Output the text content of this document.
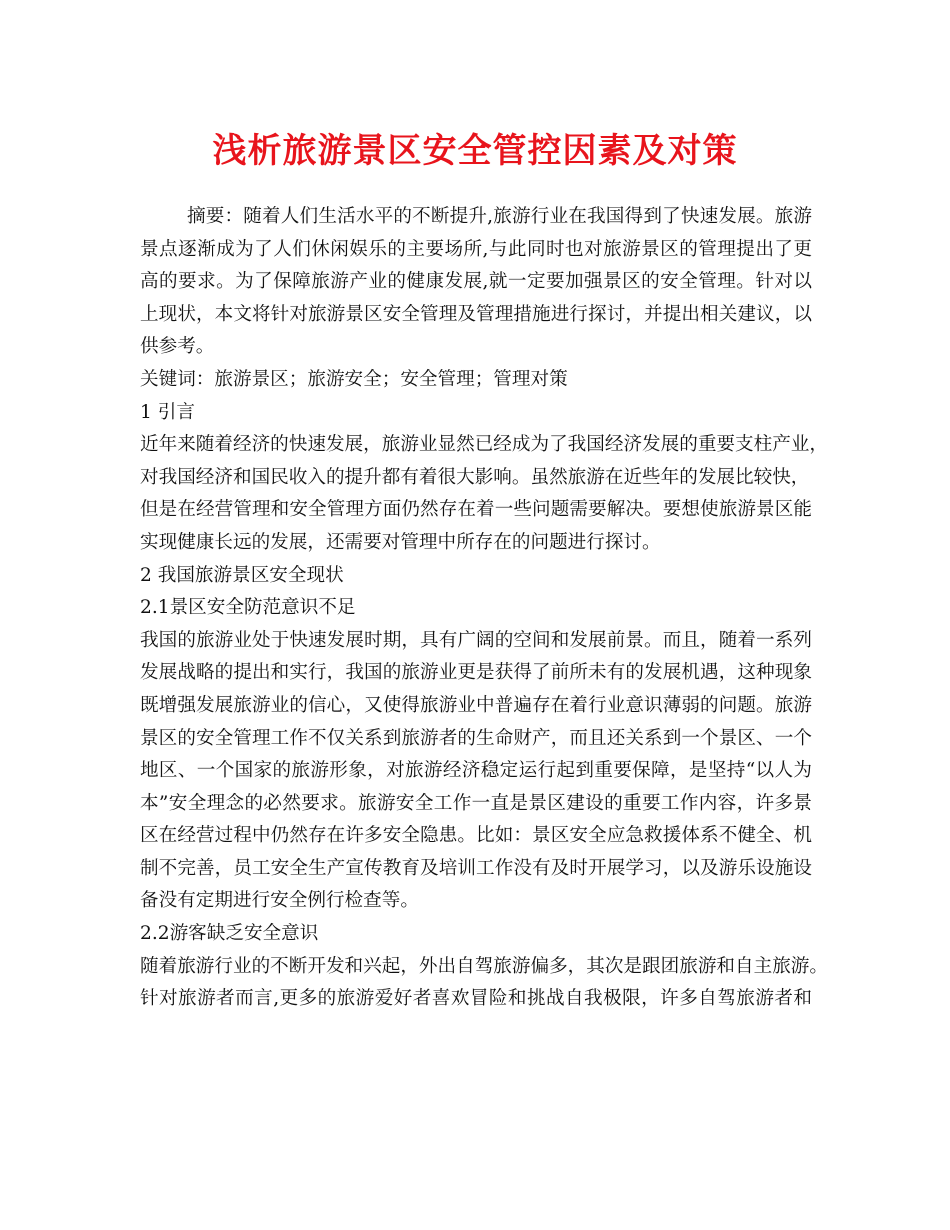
浅析旅游景区安全管控因素及对策
摘要：随着人们生活水平的不断提升,旅游行业在我国得到了快速发展。旅游
景点逐渐成为了人们休闲娱乐的主要场所,与此同时也对旅游景区的管理提出了更
高的要求。为了保障旅游产业的健康发展,就一定要加强景区的安全管理。针对以
上现状，本文将针对旅游景区安全管理及管理措施进行探讨，并提出相关建议，以
供参考。
关键词：旅游景区；旅游安全；安全管理；管理对策
1 引言
近年来随着经济的快速发展，旅游业显然已经成为了我国经济发展的重要支柱产业，
对我国经济和国民收入的提升都有着很大影响。虽然旅游在近些年的发展比较快，
但是在经营管理和安全管理方面仍然存在着一些问题需要解决。要想使旅游景区能
实现健康长远的发展，还需要对管理中所存在的问题进行探讨。
2 我国旅游景区安全现状
2.1景区安全防范意识不足
我国的旅游业处于快速发展时期，具有广阔的空间和发展前景。而且，随着一系列
发展战略的提出和实行，我国的旅游业更是获得了前所未有的发展机遇，这种现象
既增强发展旅游业的信心，又使得旅游业中普遍存在着行业意识薄弱的问题。旅游
景区的安全管理工作不仅关系到旅游者的生命财产，而且还关系到一个景区、一个
地区、一个国家的旅游形象，对旅游经济稳定运行起到重要保障，是坚持“以人为
本”安全理念的必然要求。旅游安全工作一直是景区建设的重要工作内容，许多景
区在经营过程中仍然存在许多安全隐患。比如：景区安全应急救援体系不健全、机
制不完善，员工安全生产宣传教育及培训工作没有及时开展学习，以及游乐设施设
备没有定期进行安全例行检查等。
2.2游客缺乏安全意识
随着旅游行业的不断开发和兴起，外出自驾旅游偏多，其次是跟团旅游和自主旅游。
针对旅游者而言,更多的旅游爱好者喜欢冒险和挑战自我极限，许多自驾旅游者和
